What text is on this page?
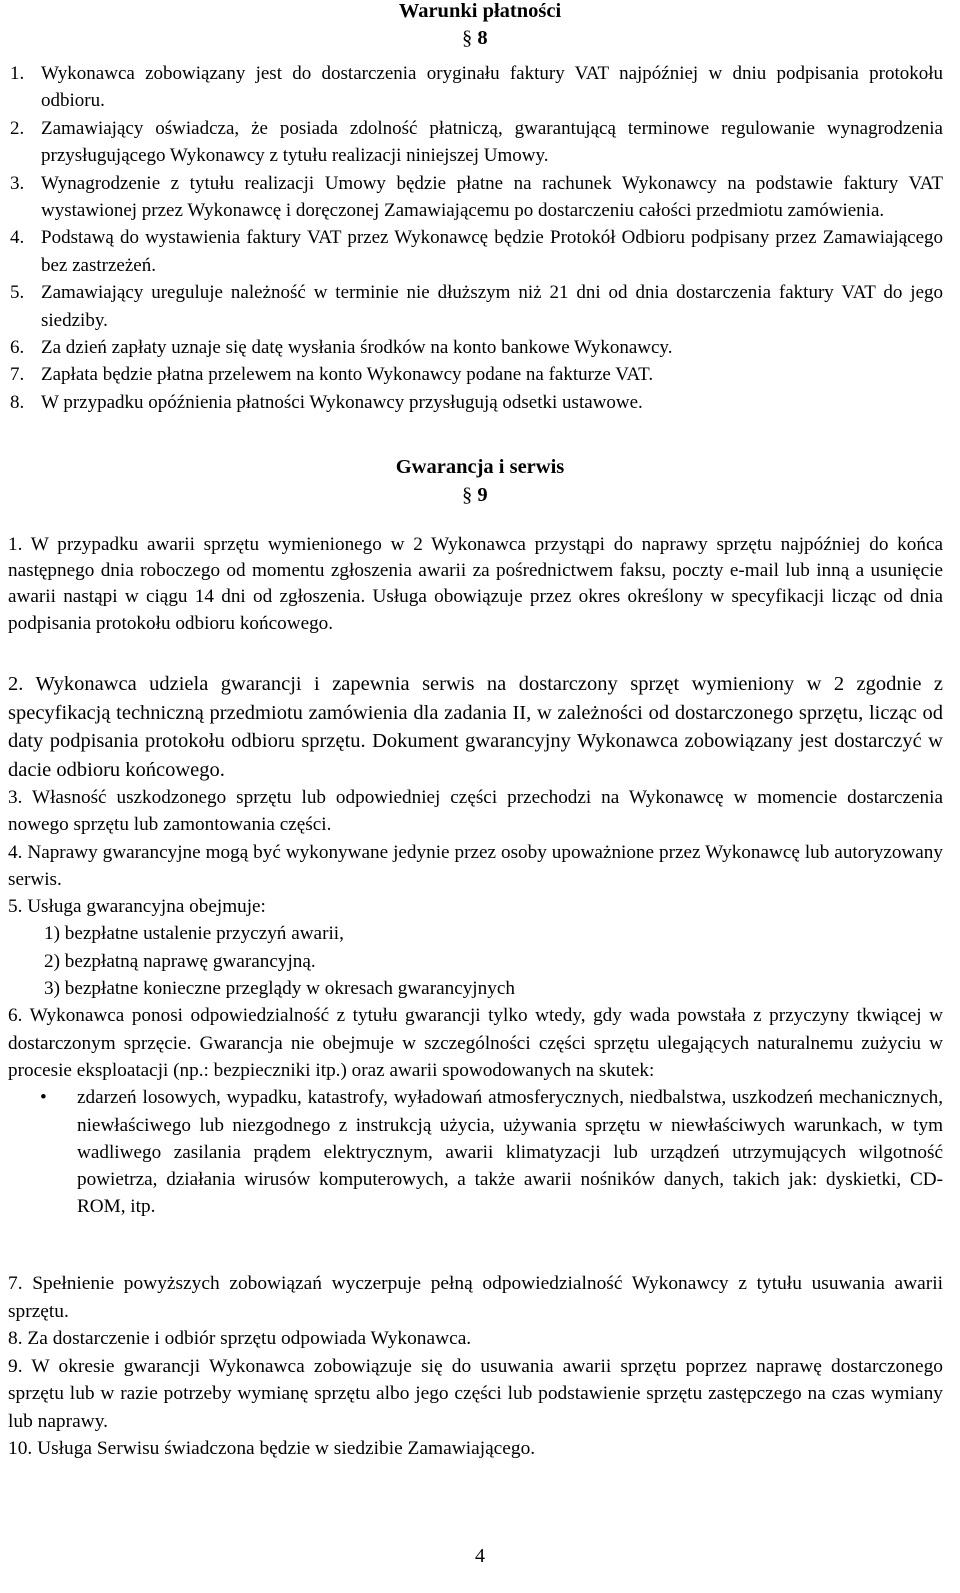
Warunki płatności
§ 8
1. Wykonawca zobowiązany jest do dostarczenia oryginału faktury VAT najpóźniej w dniu podpisania protokołu odbioru.
2. Zamawiający oświadcza, że posiada zdolność płatniczą, gwarantującą terminowe regulowanie wynagrodzenia przysługującego Wykonawcy z tytułu realizacji niniejszej Umowy.
3. Wynagrodzenie z tytułu realizacji Umowy będzie płatne na rachunek Wykonawcy na podstawie faktury VAT wystawionej przez Wykonawcę i doręczonej Zamawiającemu po dostarczeniu całości przedmiotu zamówienia.
4. Podstawą do wystawienia faktury VAT przez Wykonawcę będzie Protokół Odbioru podpisany przez Zamawiającego bez zastrzeżeń.
5. Zamawiający ureguluje należność w terminie nie dłuższym niż 21 dni od dnia dostarczenia faktury VAT do jego siedziby.
6. Za dzień zapłaty uznaje się datę wysłania środków na konto bankowe Wykonawcy.
7. Zapłata będzie płatna przelewem na konto Wykonawcy podane na fakturze VAT.
8. W przypadku opóźnienia płatności Wykonawcy przysługują odsetki ustawowe.
Gwarancja i serwis
§ 9

1. W przypadku awarii sprzętu wymienionego w 2 Wykonawca przystąpi do naprawy sprzętu najpóźniej do końca następnego dnia roboczego od momentu zgłoszenia awarii za pośrednictwem faksu, poczty e-mail lub inną a usunięcie awarii nastąpi w ciągu 14 dni od zgłoszenia. Usługa obowiązuje przez okres określony w specyfikacji licząc od dnia podpisania protokołu odbioru końcowego.

2. Wykonawca udziela gwarancji i zapewnia serwis na dostarczony sprzęt wymieniony w 2 zgodnie z specyfikacją techniczną przedmiotu zamówienia dla zadania II, w zależności od dostarczonego sprzętu, licząc od daty podpisania protokołu odbioru sprzętu. Dokument gwarancyjny Wykonawca zobowiązany jest dostarczyć w dacie odbioru końcowego.

3. Własność uszkodzonego sprzętu lub odpowiedniej części przechodzi na Wykonawcę w momencie dostarczenia nowego sprzętu lub zamontowania części.

4. Naprawy gwarancyjne mogą być wykonywane jedynie przez osoby upoważnione przez Wykonawcę lub autoryzowany serwis.

5. Usługa gwarancyjna obejmuje:

1) bezpłatne ustalenie przyczyń awarii,

2) bezpłatną naprawę gwarancyjną.

3) bezpłatne konieczne przeglądy w okresach gwarancyjnych

6. Wykonawca ponosi odpowiedzialność z tytułu gwarancji tylko wtedy, gdy wada powstała z przyczyny tkwiącej w dostarczonym sprzęcie. Gwarancja nie obejmuje w szczególności części sprzętu ulegających naturalnemu zużyciu w procesie eksploatacji (np.: bezpieczniki itp.) oraz awarii spowodowanych na skutek:

• zdarzeń losowych, wypadku, katastrofy, wyładowań atmosferycznych, niedbalstwa, uszkodzeń mechanicznych, niewłaściwego lub niezgodnego z instrukcją użycia, używania sprzętu w niewłaściwych warunkach, w tym wadliwego zasilania prądem elektrycznym, awarii klimatyzacji lub urządzeń utrzymujących wilgotność powietrza, działania wirusów komputerowych, a także awarii nośników danych, takich jak: dyskietki, CD-ROM, itp.

7. Spełnienie powyższych zobowiązań wyczerpuje pełną odpowiedzialność Wykonawcy z tytułu usuwania awarii sprzętu.

8. Za dostarczenie i odbiór sprzętu odpowiada Wykonawca.

9. W okresie gwarancji Wykonawca zobowiązuje się do usuwania awarii sprzętu poprzez naprawę dostarczonego sprzętu lub w razie potrzeby wymianę sprzętu albo jego części lub podstawienie sprzętu zastępczego na czas wymiany lub naprawy.

10. Usługa Serwisu świadczona będzie w siedzibie Zamawiającego.

4
